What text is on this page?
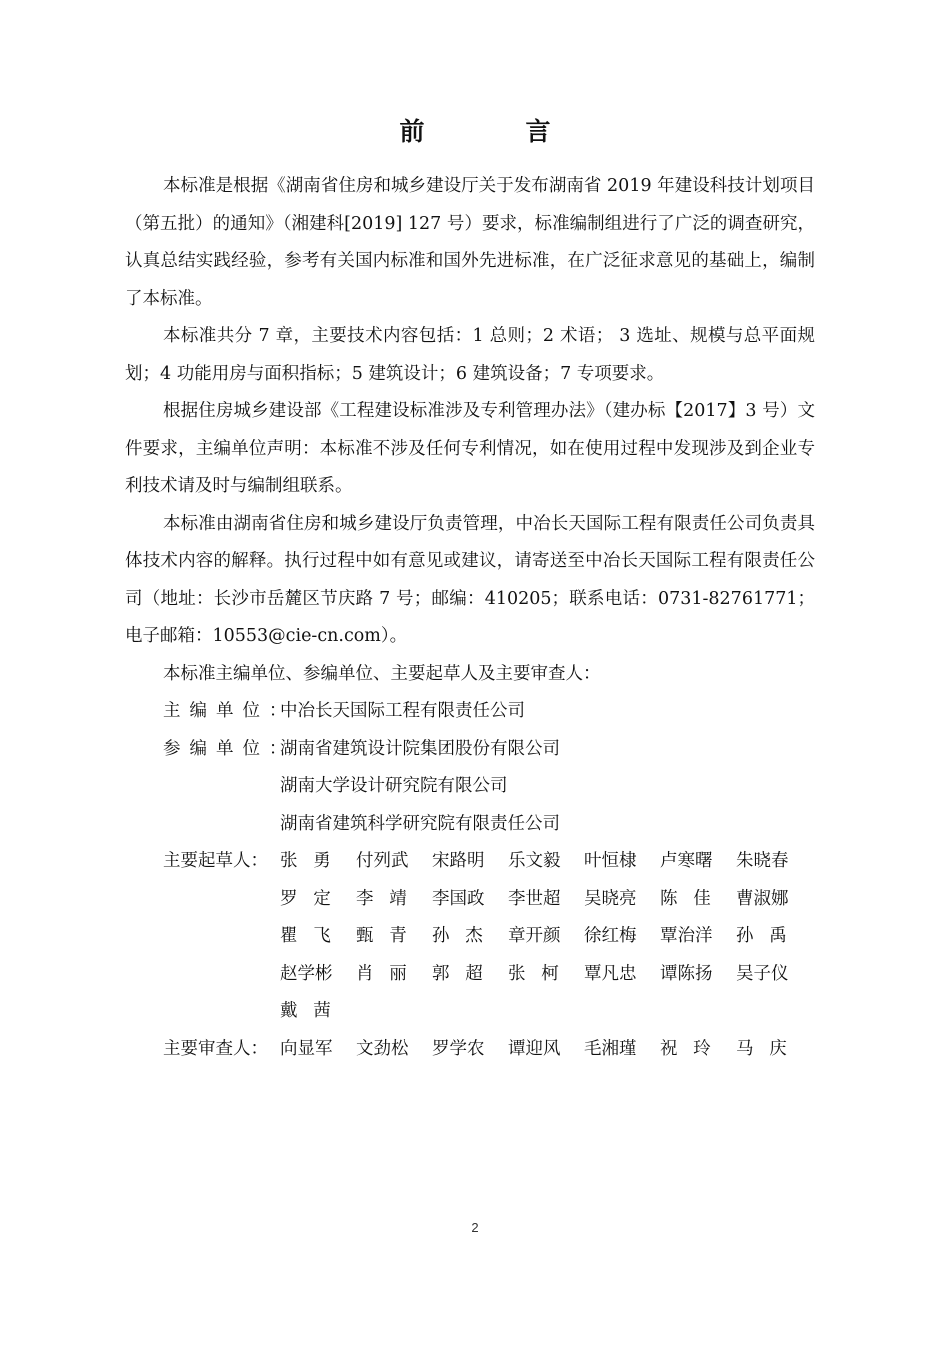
前　言

本标准是根据《湖南省住房和城乡建设厅关于发布湖南省 2019 年建设科技计划项目（第五批）的通知》（湘建科[2019] 127 号）要求，标准编制组进行了广泛的调查研究，认真总结实践经验，参考有关国内标准和国外先进标准，在广泛征求意见的基础上，编制了本标准。

本标准共分 7 章，主要技术内容包括：1 总则；2 术语； 3 选址、规模与总平面规划；4 功能用房与面积指标；5 建筑设计；6 建筑设备；7 专项要求。

根据住房城乡建设部《工程建设标准涉及专利管理办法》（建办标【2017】3 号）文件要求，主编单位声明：本标准不涉及任何专利情况，如在使用过程中发现涉及到企业专利技术请及时与编制组联系。

本标准由湖南省住房和城乡建设厅负责管理，中冶长天国际工程有限责任公司负责具体技术内容的解释。执行过程中如有意见或建议，请寄送至中冶长天国际工程有限责任公司（地址：长沙市岳麓区节庆路 7 号；邮编：410205；联系电话：0731-82761771；电子邮箱：10553@cie-cn.com）。

本标准主编单位、参编单位、主要起草人及主要审查人：

主编单位：
中冶长天国际工程有限责任公司
参编单位：
湖南省建筑设计院集团股份有限公司
湖南大学设计研究院有限公司
湖南省建筑科学研究院有限责任公司
主要起草人： 张勇 付列武	宋路明	乐文毅	叶恒棣	卢寒曙	朱晓春
罗定 李靖 李国政	李世超	吴晓亮	陈佳 曹淑娜
瞿飞 甄青 孙杰 章开颜	徐红梅	覃治洋	孙禹
赵学彬	肖丽 郭超 张柯 覃凡忠	谭陈扬	吴子仪
戴茜
主要审查人： 向显军	文劲松	罗学农	谭迎风	毛湘瑾	祝玲 马庆
2
